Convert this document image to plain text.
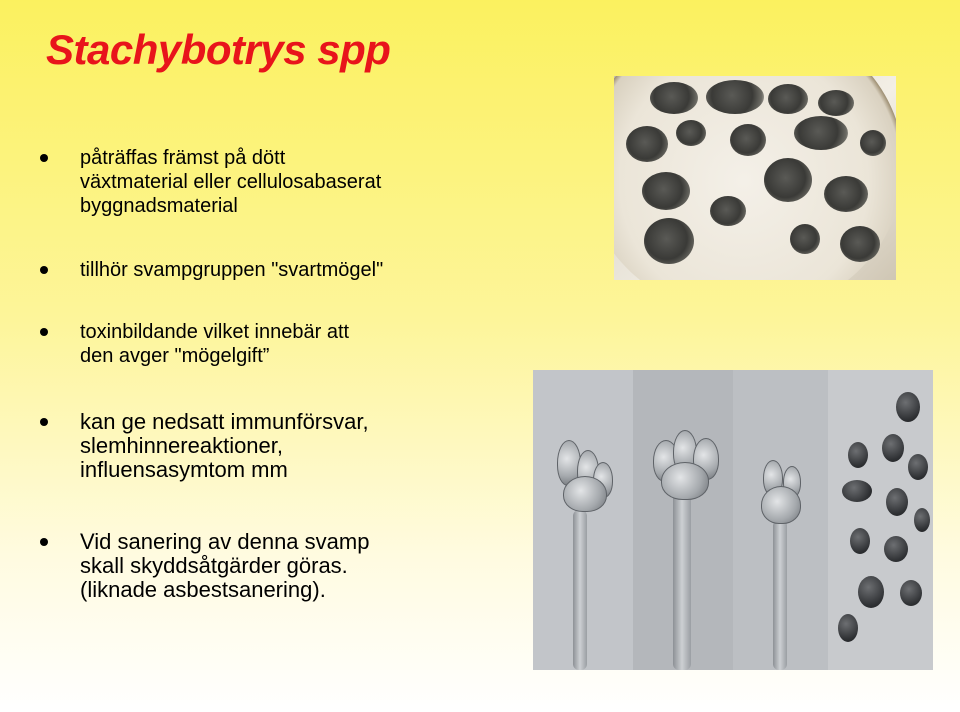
Stachybotrys spp
påträffas främst på dött
växtmaterial eller cellulosabaserat
byggnadsmaterial
tillhör svampgruppen "svartmögel"
toxinbildande vilket innebär att
den avger "mögelgift”
kan ge nedsatt immunförsvar,
slemhinnereaktioner,
influensasymtom mm
Vid sanering av denna svamp
skall skyddsåtgärder göras.
(liknade asbestsanering).
